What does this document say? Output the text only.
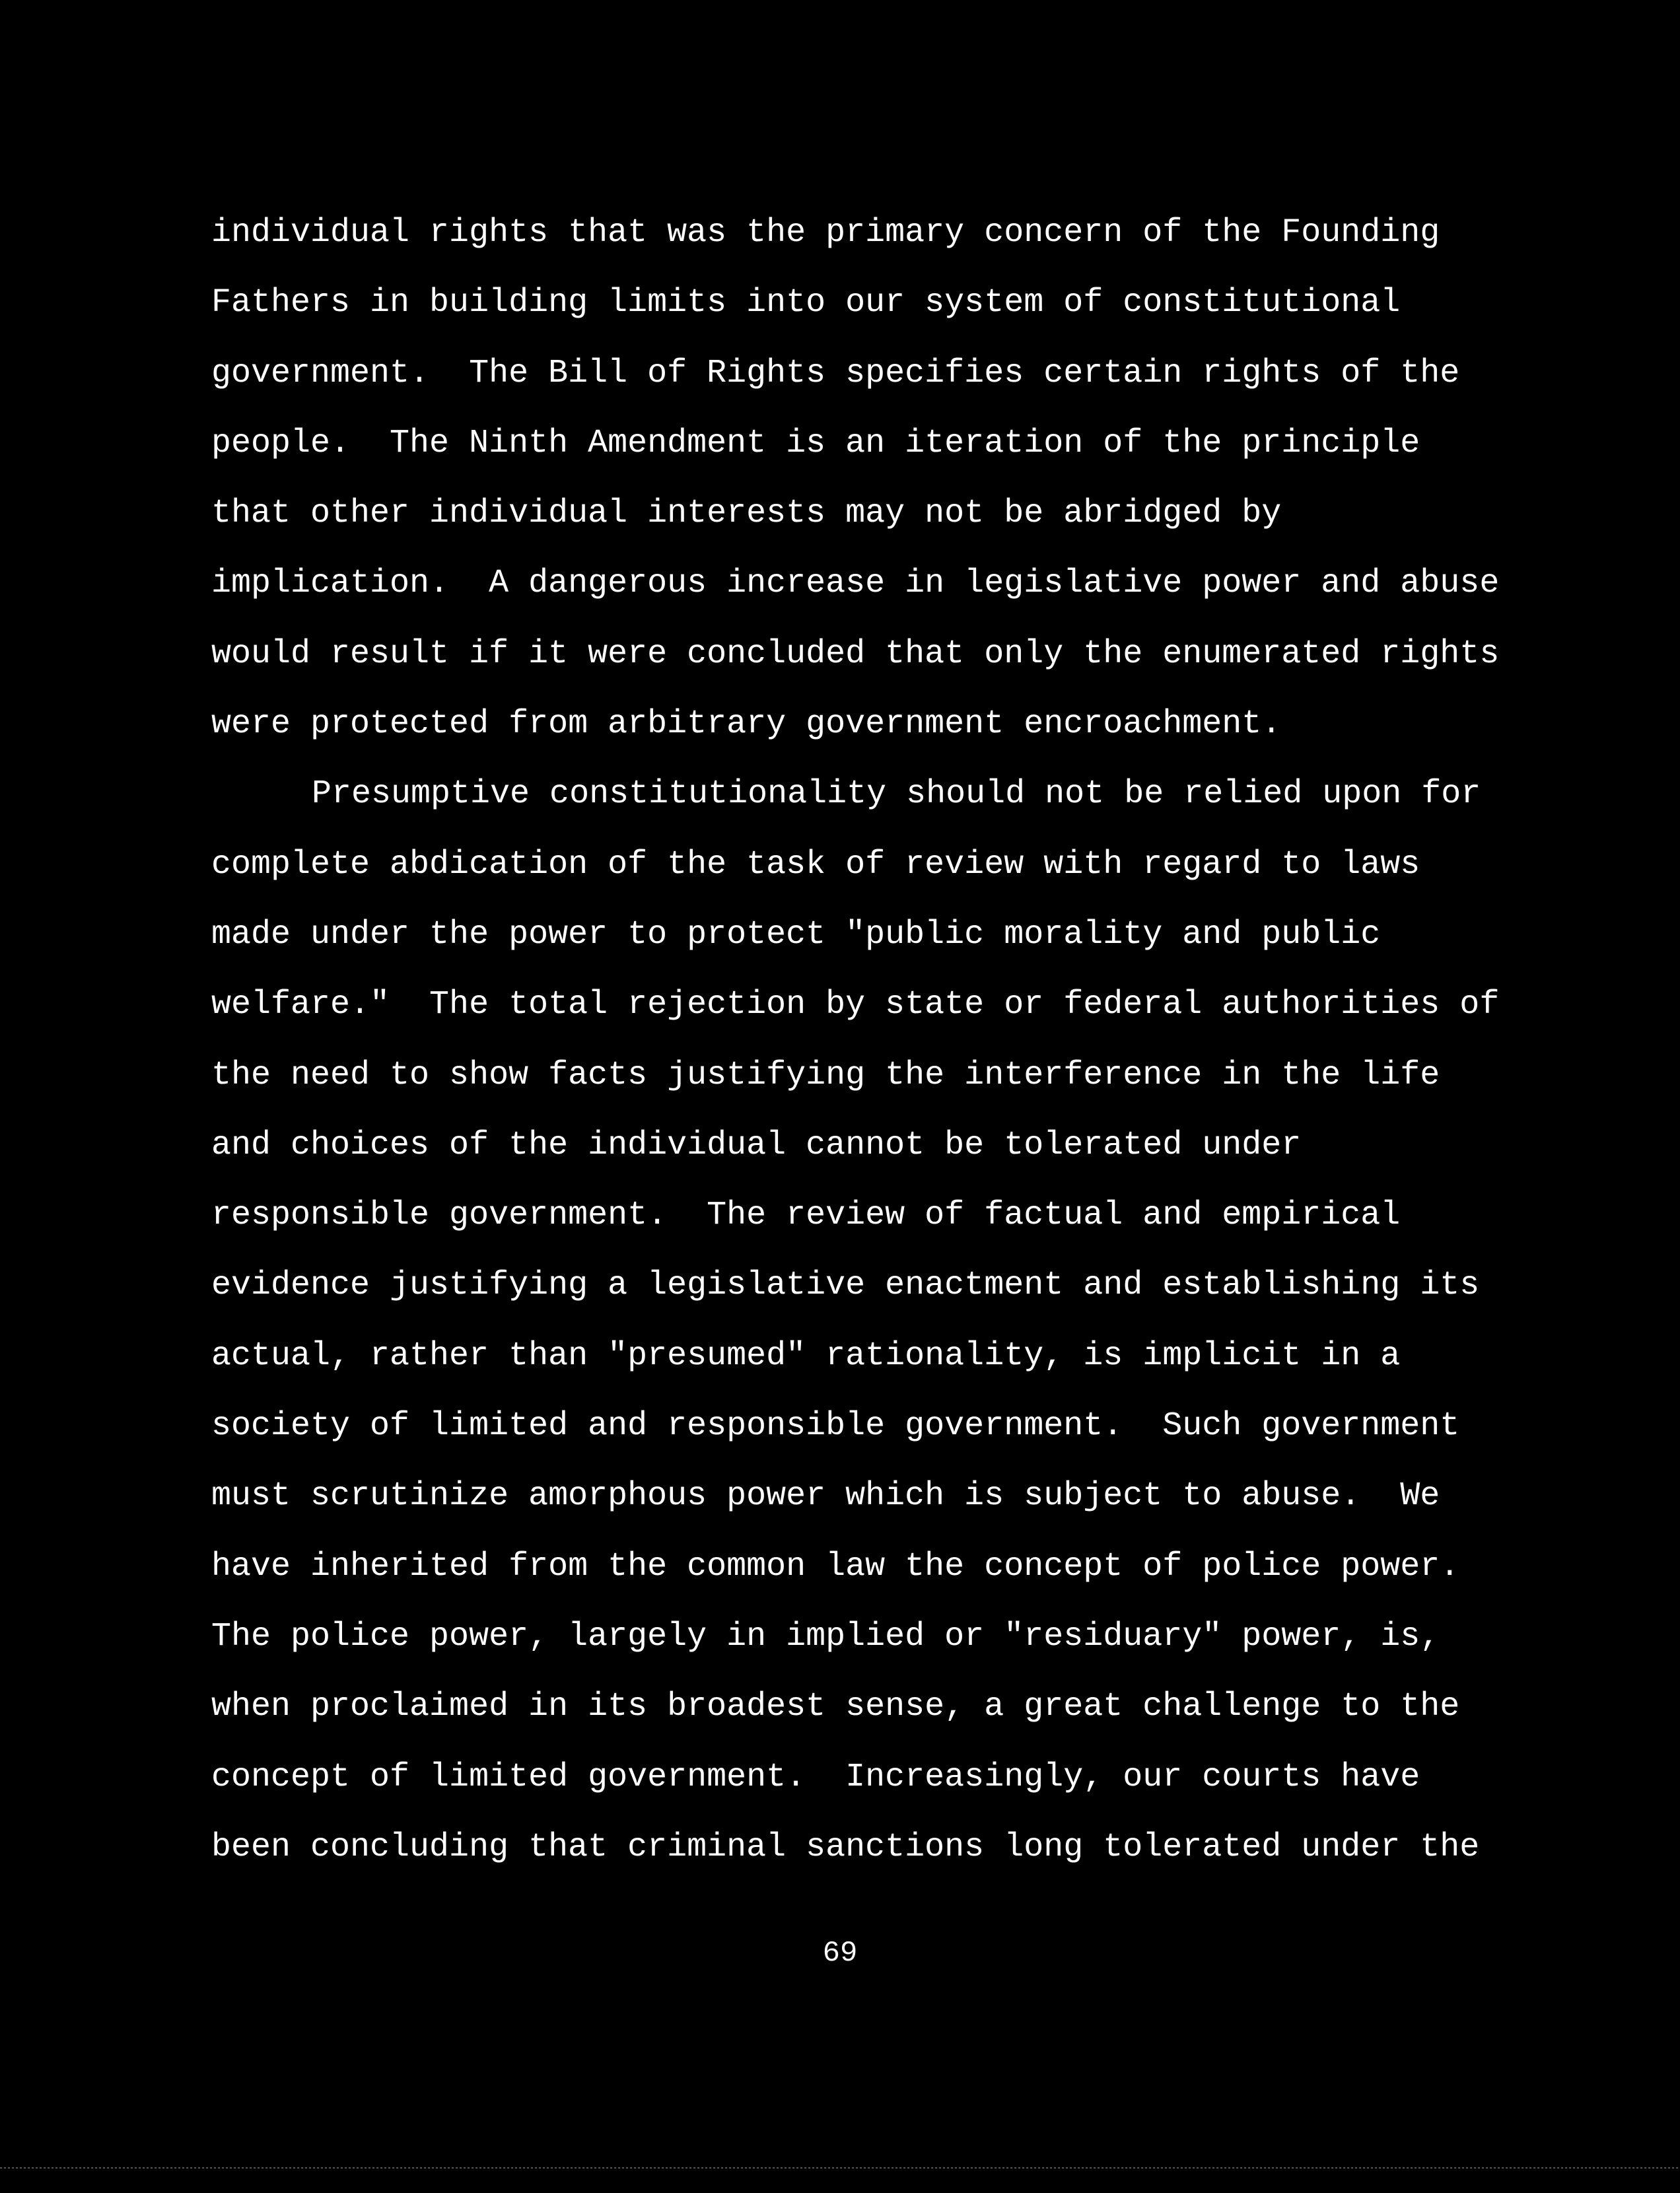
individual rights that was the primary concern of the Founding
Fathers in building limits into our system of constitutional
government.  The Bill of Rights specifies certain rights of the
people.  The Ninth Amendment is an iteration of the principle
that other individual interests may not be abridged by
implication.  A dangerous increase in legislative power and abuse
would result if it were concluded that only the enumerated rights
were protected from arbitrary government encroachment.
Presumptive constitutionality should not be relied upon for
complete abdication of the task of review with regard to laws
made under the power to protect "public morality and public
welfare."  The total rejection by state or federal authorities of
the need to show facts justifying the interference in the life
and choices of the individual cannot be tolerated under
responsible government.  The review of factual and empirical
evidence justifying a legislative enactment and establishing its
actual, rather than "presumed" rationality, is implicit in a
society of limited and responsible government.  Such government
must scrutinize amorphous power which is subject to abuse.  We
have inherited from the common law the concept of police power.
The police power, largely in implied or "residuary" power, is,
when proclaimed in its broadest sense, a great challenge to the
concept of limited government.  Increasingly, our courts have
been concluding that criminal sanctions long tolerated under the
69
